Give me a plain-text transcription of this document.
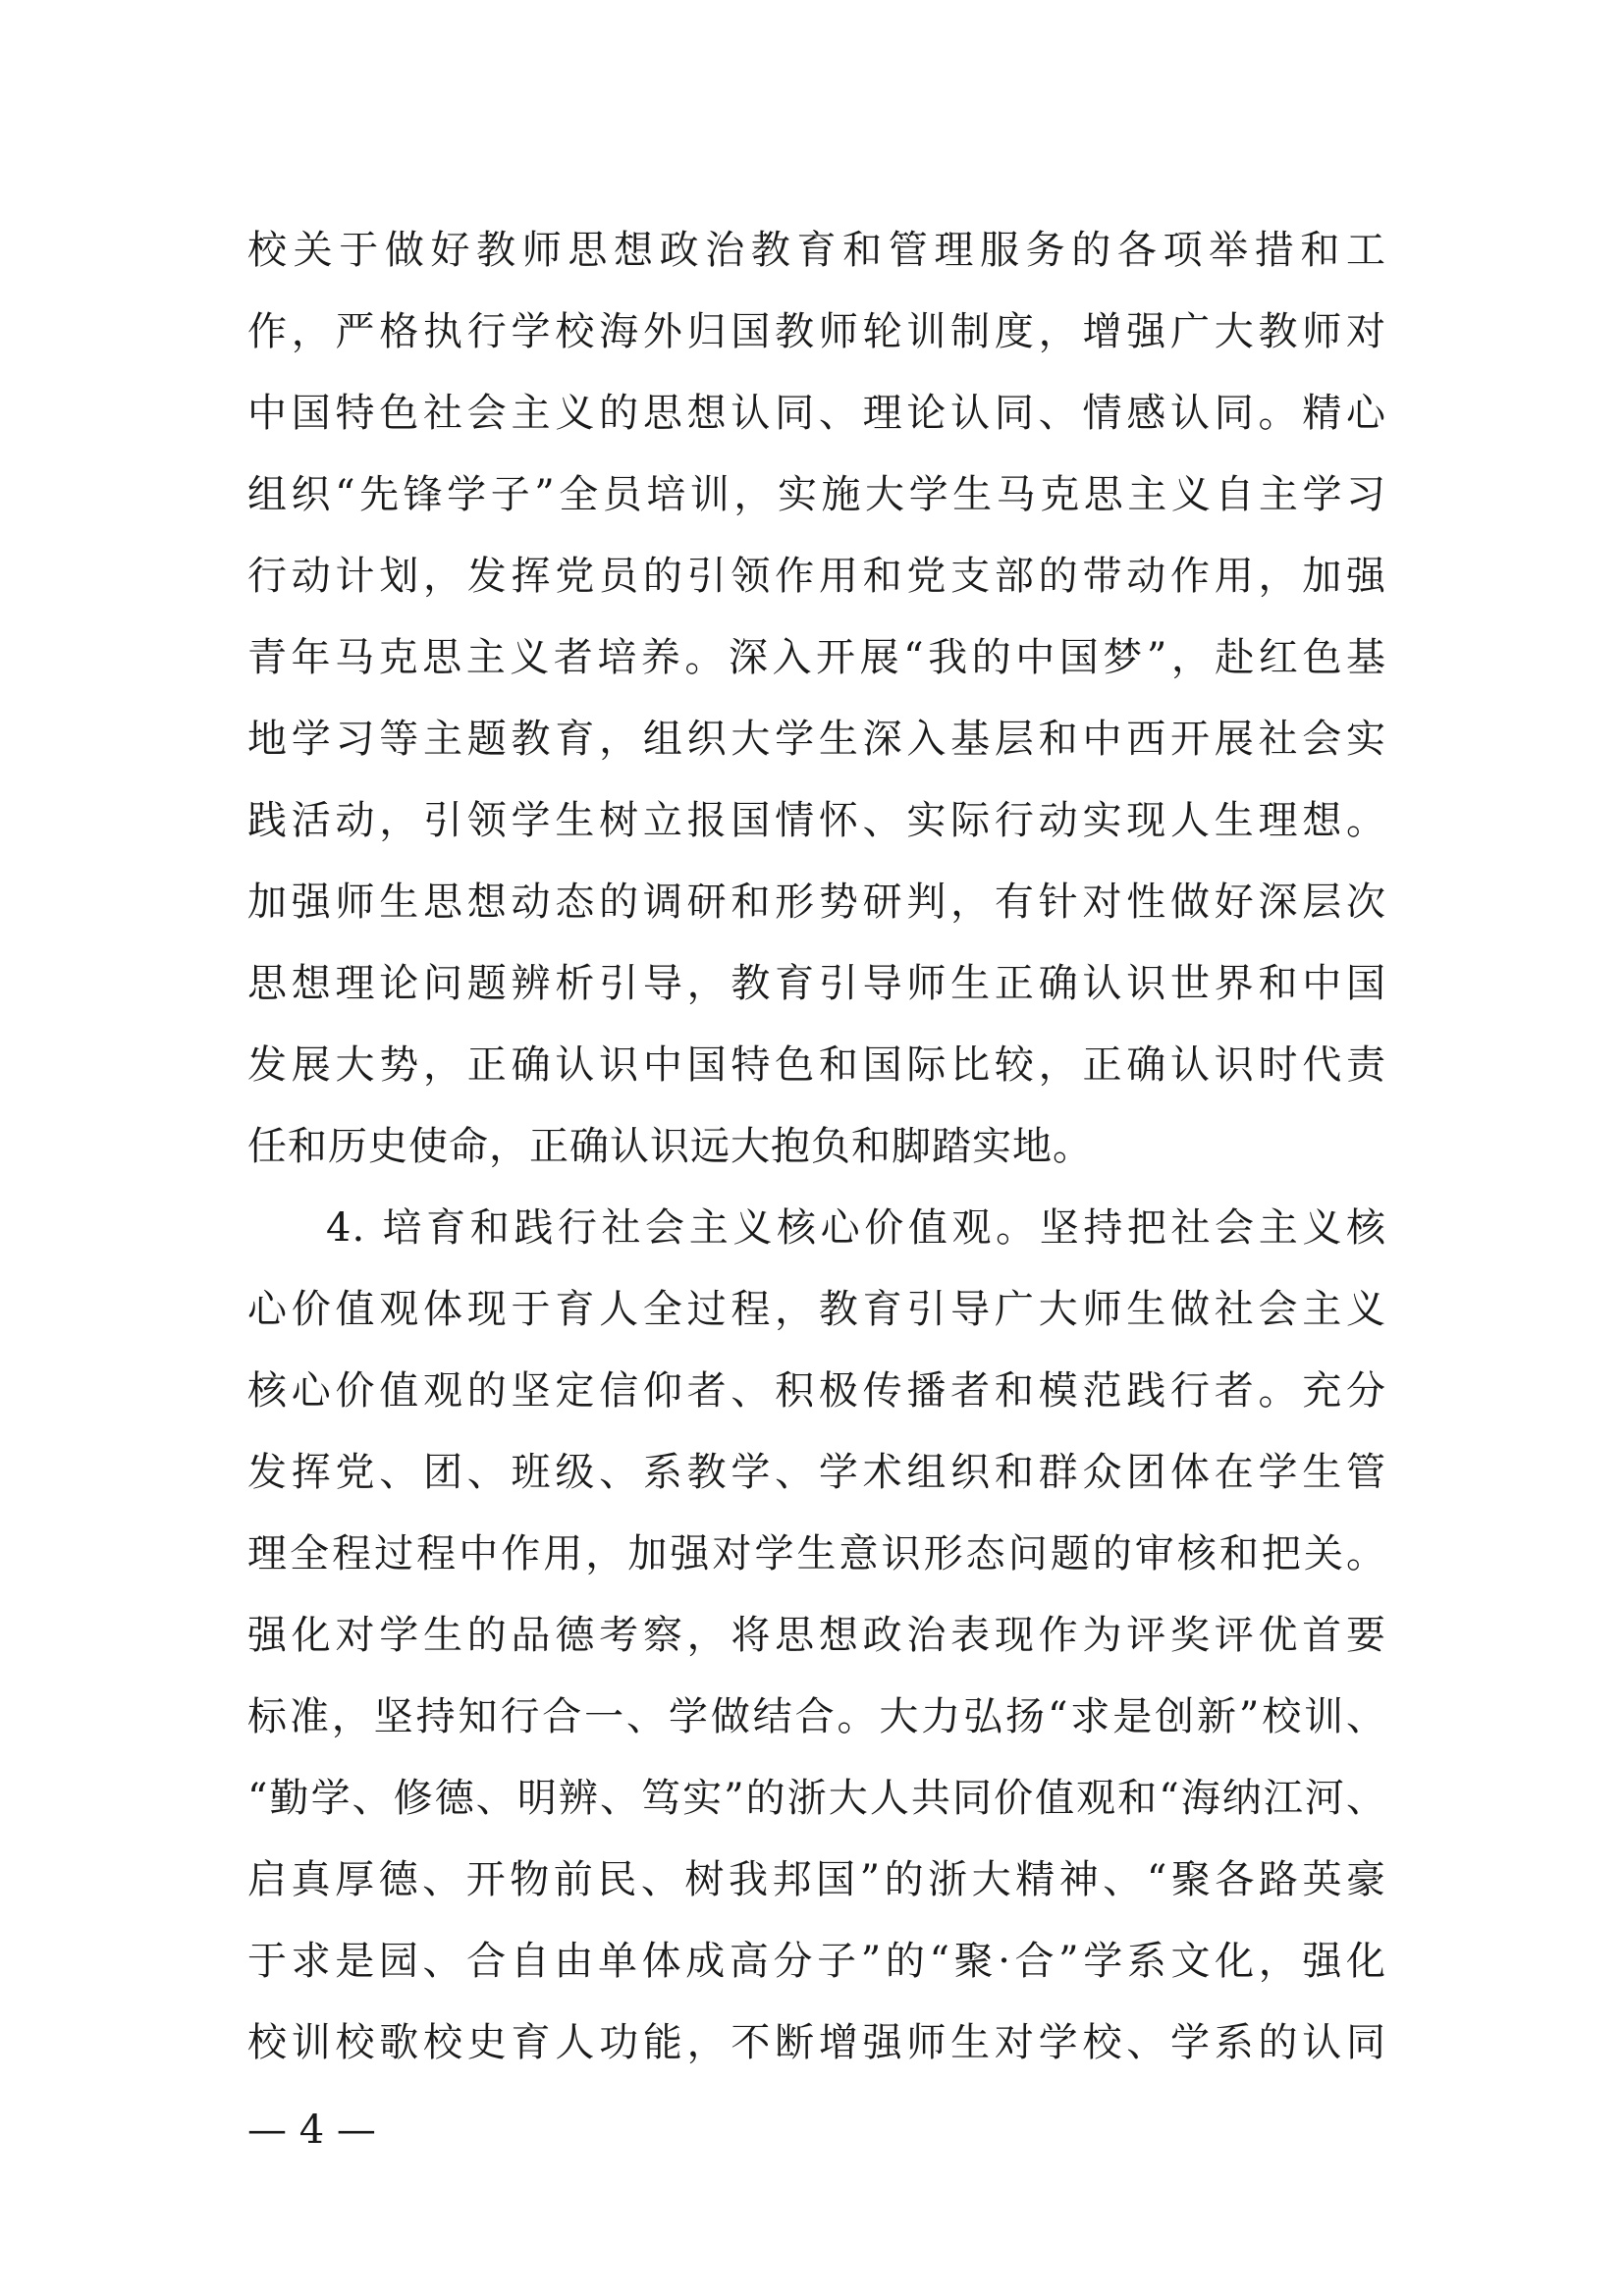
校关于做好教师思想政治教育和管理服务的各项举措和工
作，严格执行学校海外归国教师轮训制度，增强广大教师对
中国特色社会主义的思想认同、理论认同、情感认同。精心
组织“先锋学子”全员培训，实施大学生马克思主义自主学习
行动计划，发挥党员的引领作用和党支部的带动作用，加强
青年马克思主义者培养。深入开展“我的中国梦”，赴红色基
地学习等主题教育，组织大学生深入基层和中西开展社会实
践活动，引领学生树立报国情怀、实际行动实现人生理想。
加强师生思想动态的调研和形势研判，有针对性做好深层次
思想理论问题辨析引导，教育引导师生正确认识世界和中国
发展大势，正确认识中国特色和国际比较，正确认识时代责
任和历史使命，正确认识远大抱负和脚踏实地。
4. 培育和践行社会主义核心价值观。坚持把社会主义核
心价值观体现于育人全过程，教育引导广大师生做社会主义
核心价值观的坚定信仰者、积极传播者和模范践行者。充分
发挥党、团、班级、系教学、学术组织和群众团体在学生管
理全程过程中作用，加强对学生意识形态问题的审核和把关。
强化对学生的品德考察，将思想政治表现作为评奖评优首要
标准，坚持知行合一、学做结合。大力弘扬“求是创新”校训、
“勤学、修德、明辨、笃实”的浙大人共同价值观和“海纳江河、
启真厚德、开物前民、树我邦国”的浙大精神、“聚各路英豪
于求是园、合自由单体成高分子”的“聚·合”学系文化，强化
校训校歌校史育人功能，不断增强师生对学校、学系的认同
— 4 —
